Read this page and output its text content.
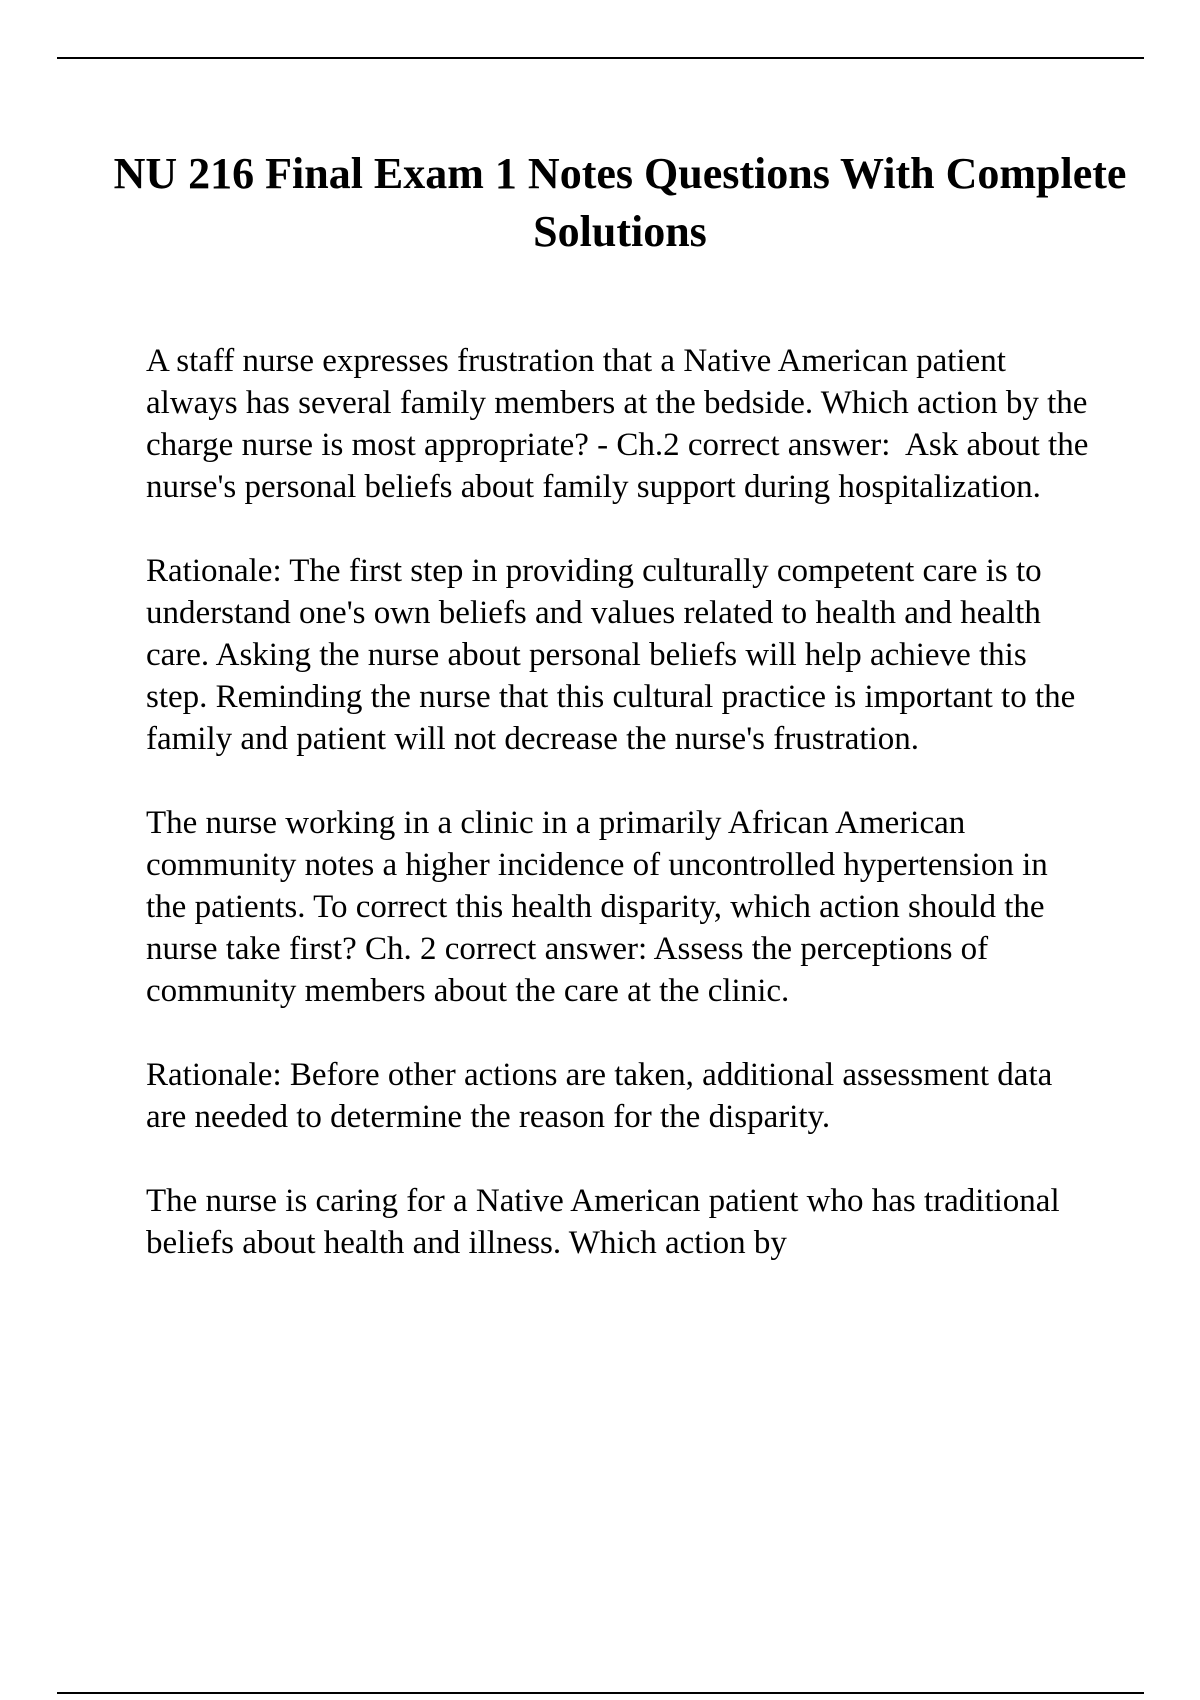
NU 216 Final Exam 1 Notes Questions With Complete Solutions

A staff nurse expresses frustration that a Native American patient always has several family members at the bedside. Which action by the charge nurse is most appropriate? - Ch.2 correct answer:  Ask about the nurse's personal beliefs about family support during hospitalization.

Rationale: The first step in providing culturally competent care is to understand one's own beliefs and values related to health and health care. Asking the nurse about personal beliefs will help achieve this step. Reminding the nurse that this cultural practice is important to the family and patient will not decrease the nurse's frustration.

The nurse working in a clinic in a primarily African American community notes a higher incidence of uncontrolled hypertension in the patients. To correct this health disparity, which action should the nurse take first? Ch. 2 correct answer: Assess the perceptions of community members about the care at the clinic.

Rationale: Before other actions are taken, additional assessment data are needed to determine the reason for the disparity.

The nurse is caring for a Native American patient who has traditional beliefs about health and illness. Which action by
